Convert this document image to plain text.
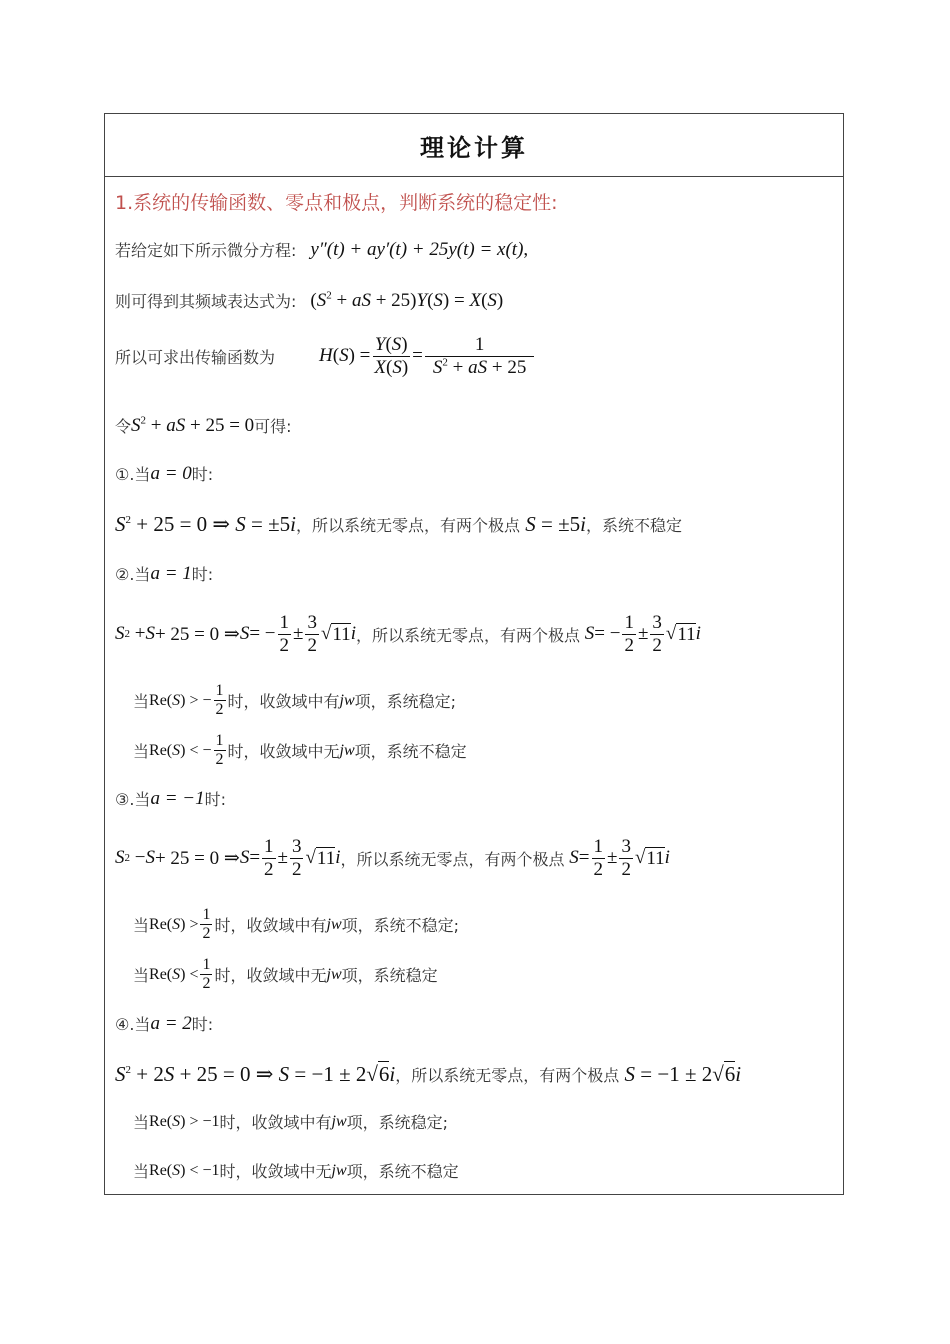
理论计算
1.系统的传输函数、零点和极点，判断系统的稳定性:
若给定如下所示微分方程: y″(t) + ay′(t) + 25y(t) = x(t) ,
则可得到其频域表达式为: ($S^2$ + aS + 25)Y(S) = X(S)
所以可求出传输函数为 H ( S ) = $\frac{Y(S)}{X(S)} = \frac{1}{S^2 + aS + 25}$
令 $S^2$ + aS + 25 = 0 可得:
①.当 a = 0 时:
$S^2 + 25 = 0$ ⇒ S = ±5i ， 所以系统无零点，有两个极点 S = ±5i ， 系统不稳定
②.当 a = 1 时:
S 2 + S + 25 = 0 ⇒ S = − $\frac{1}{2} \pm \frac{3}{2}$ √ 11 i ， 所以系统无零点，有两个极点
S = − $\frac{1}{2} \pm \frac{3}{2}$ √ 11 i
当 Re( S ) > − $\frac{1}{2}$ 时， 收敛域中有 jw 项，系统稳定;
当 Re( S ) < − $\frac{1}{2}$ 时， 收敛域中无 jw 项，系统不稳定
③.当 a = −1 时:
S 2 − S + 25 = 0 ⇒ $S = \frac{1}{2} \pm \frac{3}{2}$ √ 11 i ， 所以系统无零点，有两个极点
$S = \frac{1}{2} \pm \frac{3}{2}$ √ 11 i
当 Re( S ) > $\frac{1}{2}$ 时， 收敛域中有 jw 项，系统不稳定;
当 Re( S ) < $\frac{1}{2}$ 时， 收敛域中无 jw 项，系统稳定
④.当 a = 2 时:
$S^2 + 2S + 25 = 0$ ⇒ S = −1 ± 2√6i ， 所以系统无零点，有两个极点 S = −1 ± 2√6i
当 Re(S) > −1 时， 收敛域中有 jw 项，系统稳定;
当 Re(S) < −1 时， 收敛域中无 jw 项，系统不稳定
